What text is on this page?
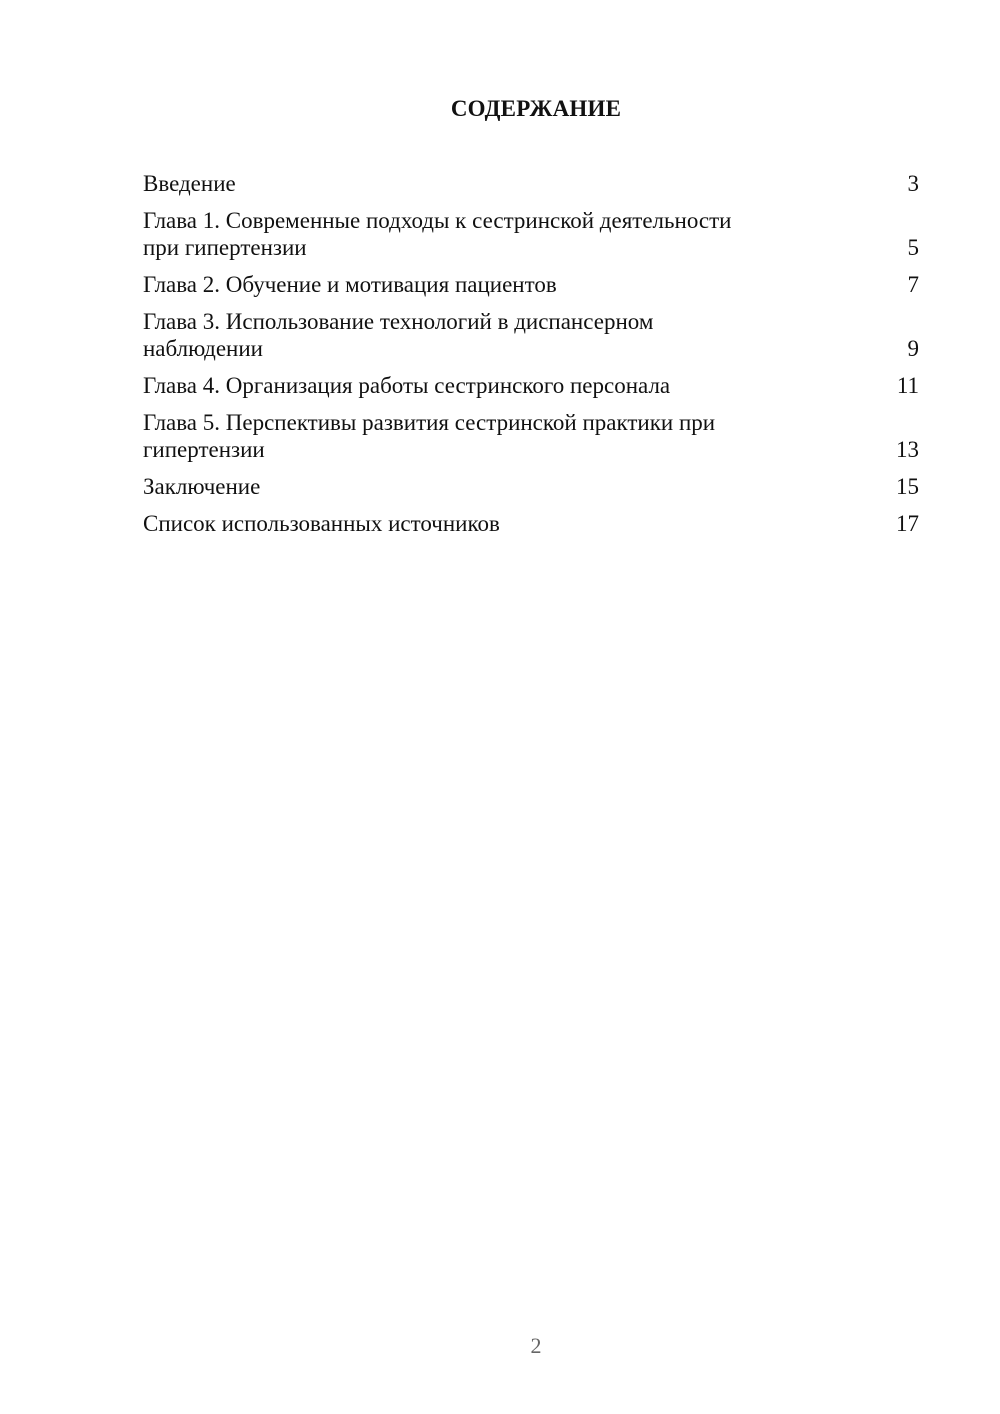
СОДЕРЖАНИЕ
Введение	3
Глава 1. Современные подходы к сестринской деятельности
при гипертензии	5
Глава 2. Обучение и мотивация пациентов	7
Глава 3. Использование технологий в диспансерном
наблюдении	9
Глава 4. Организация работы сестринского персонала	11
Глава 5. Перспективы развития сестринской практики при
гипертензии	13
Заключение	15
Список использованных источников	17
2
